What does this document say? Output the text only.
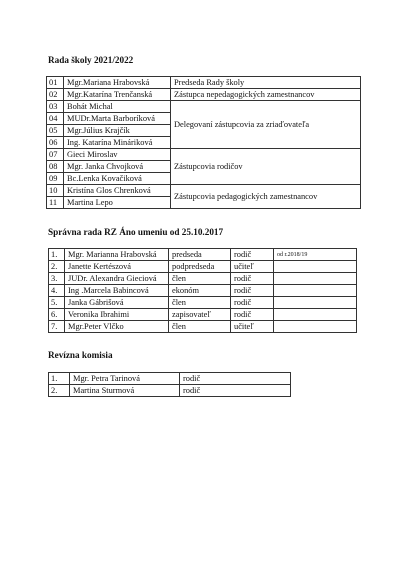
Rada školy 2021/2022
01	Mgr.Mariana Hrabovská	Predseda Rady školy
02	Mgr.Katarína Trenčanská	Zástupca nepedagogických zamestnancov
03	Bohát Michal	Delegovaní zástupcovia za zriaďovateľa
04	MUDr.Marta Barboríková	
05	Mgr.Július Krajčík	
06	Ing. Katarína Mináriková	
07	Gieci Miroslav	Zástupcovia rodičov
08	Mgr. Janka Chvojková	
09	Bc.Lenka Kovačiková	
10	Kristína Glos Chrenková	Zástupcovia pedagogických zamestnancov
11	Martina Lepo	
Správna rada RZ Áno umeniu od 25.10.2017
1.	Mgr. Marianna Hrabovská	predseda	rodič	od r.2018/19
2.	Janette Kertészová	podpredseda	učiteľ	
3.	JUDr. Alexandra Gieciová	člen	rodič	
4.	Ing .Marcela Babincová	ekonóm	rodič	
5.	Janka Gábrišová	člen	rodič	
6.	Veronika Ibrahimi	zapisovateľ	rodič	
7.	Mgr.Peter Vlčko	člen	učiteľ	
Revízna komisia
1.	Mgr. Petra Tarinová	rodič
2.	Martina Sturmová	rodič
